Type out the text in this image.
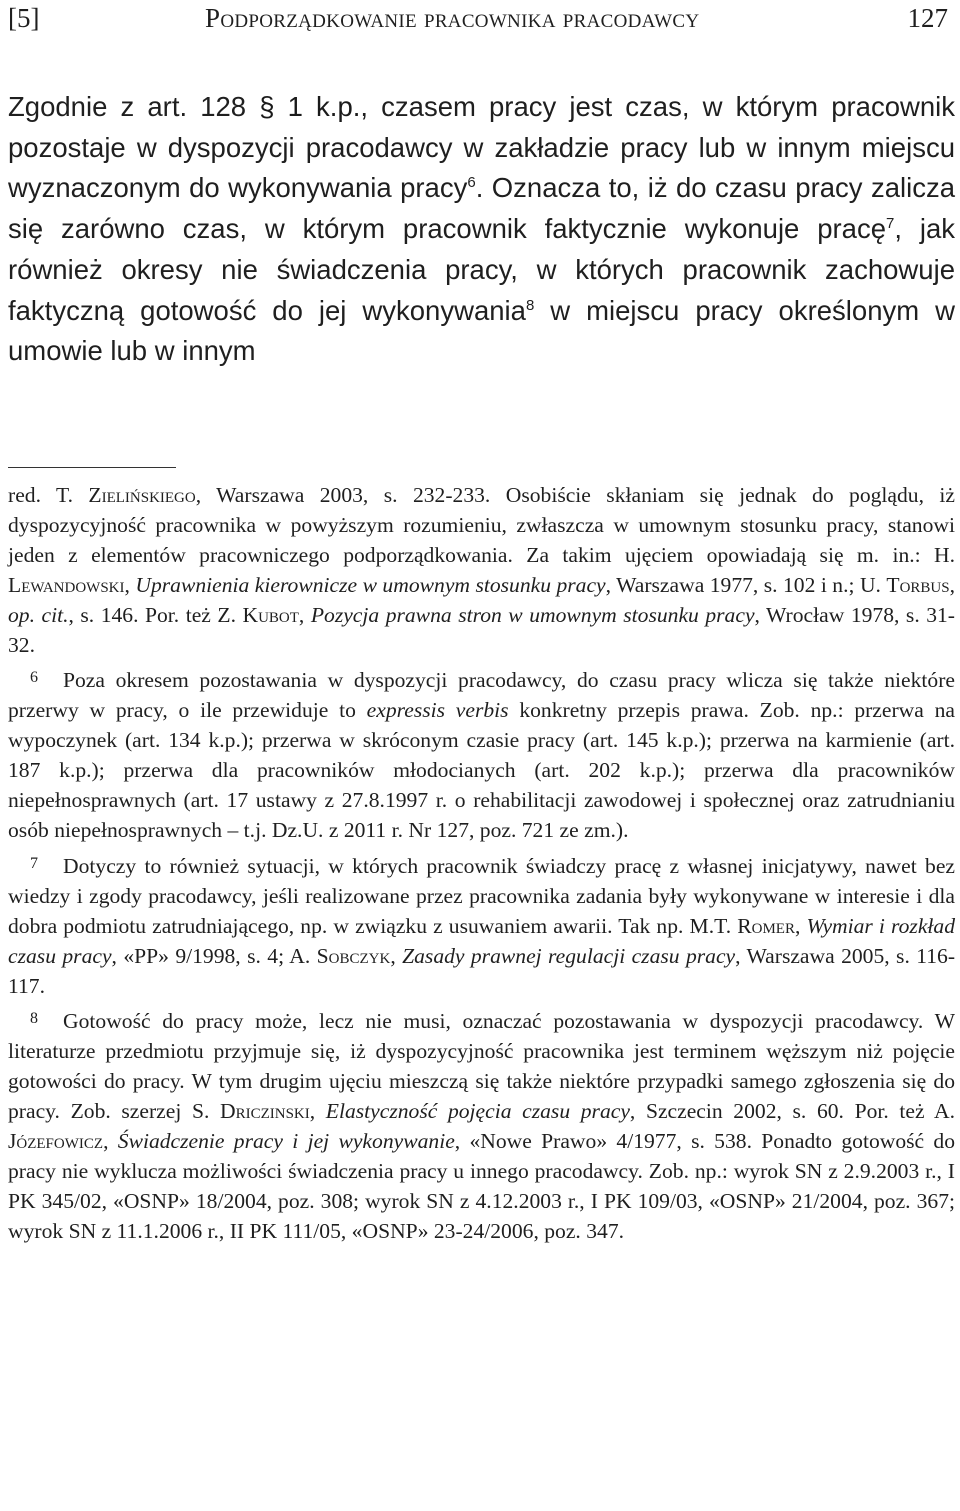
[5]	Podporządkowanie pracownika pracodawcy	127

Zgodnie z art. 128 § 1 k.p., czasem pracy jest czas, w którym pracownik pozostaje w dyspozycji pracodawcy w zakładzie pracy lub w innym miejscu wyznaczonym do wykonywania pracy$^6$. Oznacza to, iż do czasu pracy zalicza się zarówno czas, w którym pracownik faktycznie wykonuje pracę$^7$, jak również okresy nie świadczenia pracy, w których pracownik zachowuje faktyczną gotowość do jej wykonywania$^8$ w miejscu pracy określonym w umowie lub w innym

red. T. Zielińskiego, Warszawa 2003, s. 232-233. Osobiście skłaniam się jednak do poglądu, iż dyspozycyjność pracownika w powyższym rozumieniu, zwłaszcza w umownym stosunku pracy, stanowi jeden z elementów pracowniczego podporządkowania. Za takim ujęciem opowiadają się m. in.: H. Lewandowski, Uprawnienia kierownicze w umownym stosunku pracy, Warszawa 1977, s. 102 i n.; U. Torbus, op. cit., s. 146. Por. też Z. Kubot, Pozycja prawna stron w umownym stosunku pracy, Wrocław 1978, s. 31-32.

6 Poza okresem pozostawania w dyspozycji pracodawcy, do czasu pracy wlicza się także niektóre przerwy w pracy, o ile przewiduje to expressis verbis konkretny przepis prawa. Zob. np.: przerwa na wypoczynek (art. 134 k.p.); przerwa w skróconym czasie pracy (art. 145 k.p.); przerwa na karmienie (art. 187 k.p.); przerwa dla pracowników młodocianych (art. 202 k.p.); przerwa dla pracowników niepełnosprawnych (art. 17 ustawy z 27.8.1997 r. o rehabilitacji zawodowej i społecznej oraz zatrudnianiu osób niepełnosprawnych – t.j. Dz.U. z 2011 r. Nr 127, poz. 721 ze zm.).

7 Dotyczy to również sytuacji, w których pracownik świadczy pracę z własnej inicjatywy, nawet bez wiedzy i zgody pracodawcy, jeśli realizowane przez pracownika zadania były wykonywane w interesie i dla dobra podmiotu zatrudniającego, np. w związku z usuwaniem awarii. Tak np. M.T. Romer, Wymiar i rozkład czasu pracy, «PP» 9/1998, s. 4; A. Sobczyk, Zasady prawnej regulacji czasu pracy, Warszawa 2005, s. 116-117.

8 Gotowość do pracy może, lecz nie musi, oznaczać pozostawania w dyspozycji pracodawcy. W literaturze przedmiotu przyjmuje się, iż dyspozycyjność pracownika jest terminem węższym niż pojęcie gotowości do pracy. W tym drugim ujęciu mieszczą się także niektóre przypadki samego zgłoszenia się do pracy. Zob. szerzej S. Driczinski, Elastyczność pojęcia czasu pracy, Szczecin 2002, s. 60. Por. też A. Józefowicz, Świadczenie pracy i jej wykonywanie, «Nowe Prawo» 4/1977, s. 538. Ponadto gotowość do pracy nie wyklucza możliwości świadczenia pracy u innego pracodawcy. Zob. np.: wyrok SN z 2.9.2003 r., I PK 345/02, «OSNP» 18/2004, poz. 308; wyrok SN z 4.12.2003 r., I PK 109/03, «OSNP» 21/2004, poz. 367; wyrok SN z 11.1.2006 r., II PK 111/05, «OSNP» 23-24/2006, poz. 347.
